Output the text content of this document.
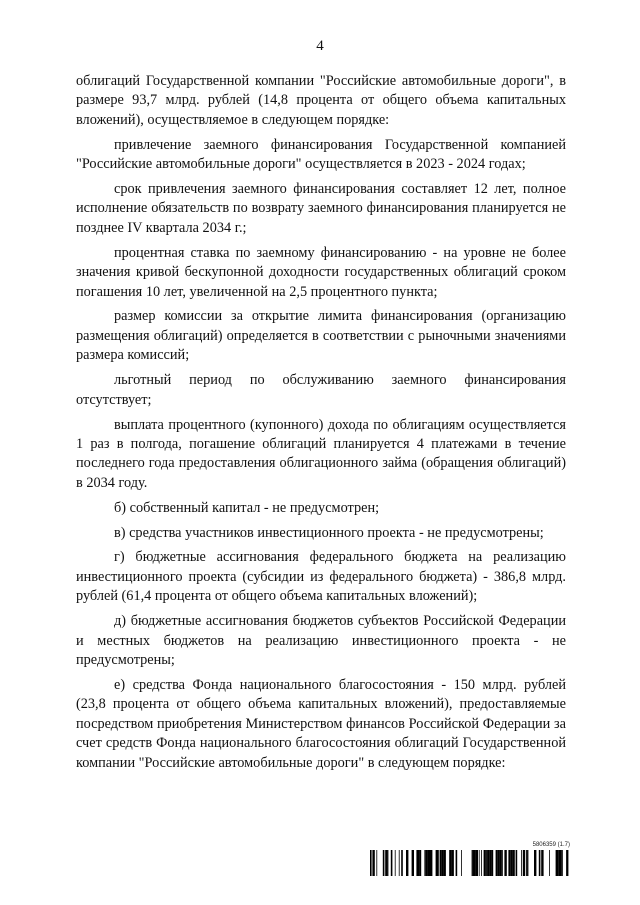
4

облигаций Государственной компании "Российские автомобильные дороги", в размере 93,7 млрд. рублей (14,8 процента от общего объема капитальных вложений), осуществляемое в следующем порядке:

привлечение заемного финансирования Государственной компанией "Российские автомобильные дороги" осуществляется в 2023 - 2024 годах;

срок привлечения заемного финансирования составляет 12 лет, полное исполнение обязательств по возврату заемного финансирования планируется не позднее IV квартала 2034 г.;

процентная ставка по заемному финансированию - на уровне не более значения кривой бескупонной доходности государственных облигаций сроком погашения 10 лет, увеличенной на 2,5 процентного пункта;

размер комиссии за открытие лимита финансирования (организацию размещения облигаций) определяется в соответствии с рыночными значениями размера комиссий;

льготный период по обслуживанию заемного финансирования отсутствует;

выплата процентного (купонного) дохода по облигациям осуществляется 1 раз в полгода, погашение облигаций планируется 4 платежами в течение последнего года предоставления облигационного займа (обращения облигаций) в 2034 году.

б) собственный капитал - не предусмотрен;

в) средства участников инвестиционного проекта - не предусмотрены;

г) бюджетные ассигнования федерального бюджета на реализацию инвестиционного проекта (субсидии из федерального бюджета) - 386,8 млрд. рублей (61,4 процента от общего объема капитальных вложений);

д) бюджетные ассигнования бюджетов субъектов Российской Федерации и местных бюджетов на реализацию инвестиционного проекта - не предусмотрены;

е) средства Фонда национального благосостояния - 150 млрд. рублей (23,8 процента от общего объема капитальных вложений), предоставляемые посредством приобретения Министерством финансов Российской Федерации за счет средств Фонда национального благосостояния облигаций Государственной компании "Российские автомобильные дороги" в следующем порядке:

5806359 (1.7)
